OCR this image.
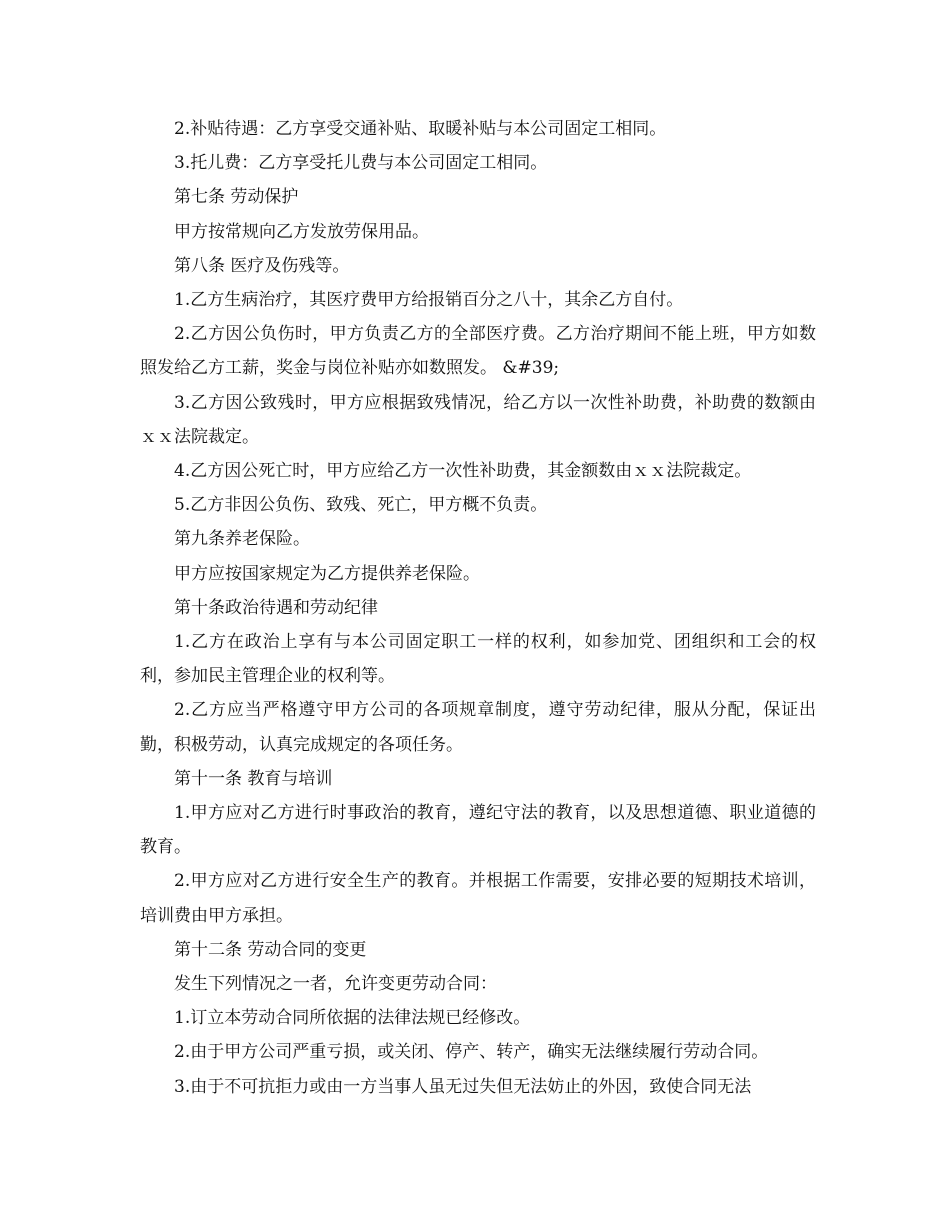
2.补贴待遇：乙方享受交通补贴、取暖补贴与本公司固定工相同。

3.托儿费：乙方享受托儿费与本公司固定工相同。

第七条 劳动保护

甲方按常规向乙方发放劳保用品。

第八条 医疗及伤残等。

1.乙方生病治疗，其医疗费甲方给报销百分之八十，其余乙方自付。

2.乙方因公负伤时，甲方负责乙方的全部医疗费。乙方治疗期间不能上班，甲方如数照发给乙方工薪，奖金与岗位补贴亦如数照发。 &#39;

3.乙方因公致残时，甲方应根据致残情况，给乙方以一次性补助费，补助费的数额由ｘｘ法院裁定。

4.乙方因公死亡时，甲方应给乙方一次性补助费，其金额数由ｘｘ法院裁定。

5.乙方非因公负伤、致残、死亡，甲方概不负责。

第九条养老保险。

甲方应按国家规定为乙方提供养老保险。

第十条政治待遇和劳动纪律

1.乙方在政治上享有与本公司固定职工一样的权利，如参加党、团组织和工会的权利，参加民主管理企业的权利等。

2.乙方应当严格遵守甲方公司的各项规章制度，遵守劳动纪律，服从分配，保证出勤，积极劳动，认真完成规定的各项任务。

第十一条 教育与培训

1.甲方应对乙方进行时事政治的教育，遵纪守法的教育，以及思想道德、职业道德的教育。

2.甲方应对乙方进行安全生产的教育。并根据工作需要，安排必要的短期技术培训，培训费由甲方承担。

第十二条 劳动合同的变更

发生下列情况之一者，允许变更劳动合同：

1.订立本劳动合同所依据的法律法规已经修改。

2.由于甲方公司严重亏损，或关闭、停产、转产，确实无法继续履行劳动合同。

3.由于不可抗拒力或由一方当事人虽无过失但无法妨止的外因，致使合同无法
